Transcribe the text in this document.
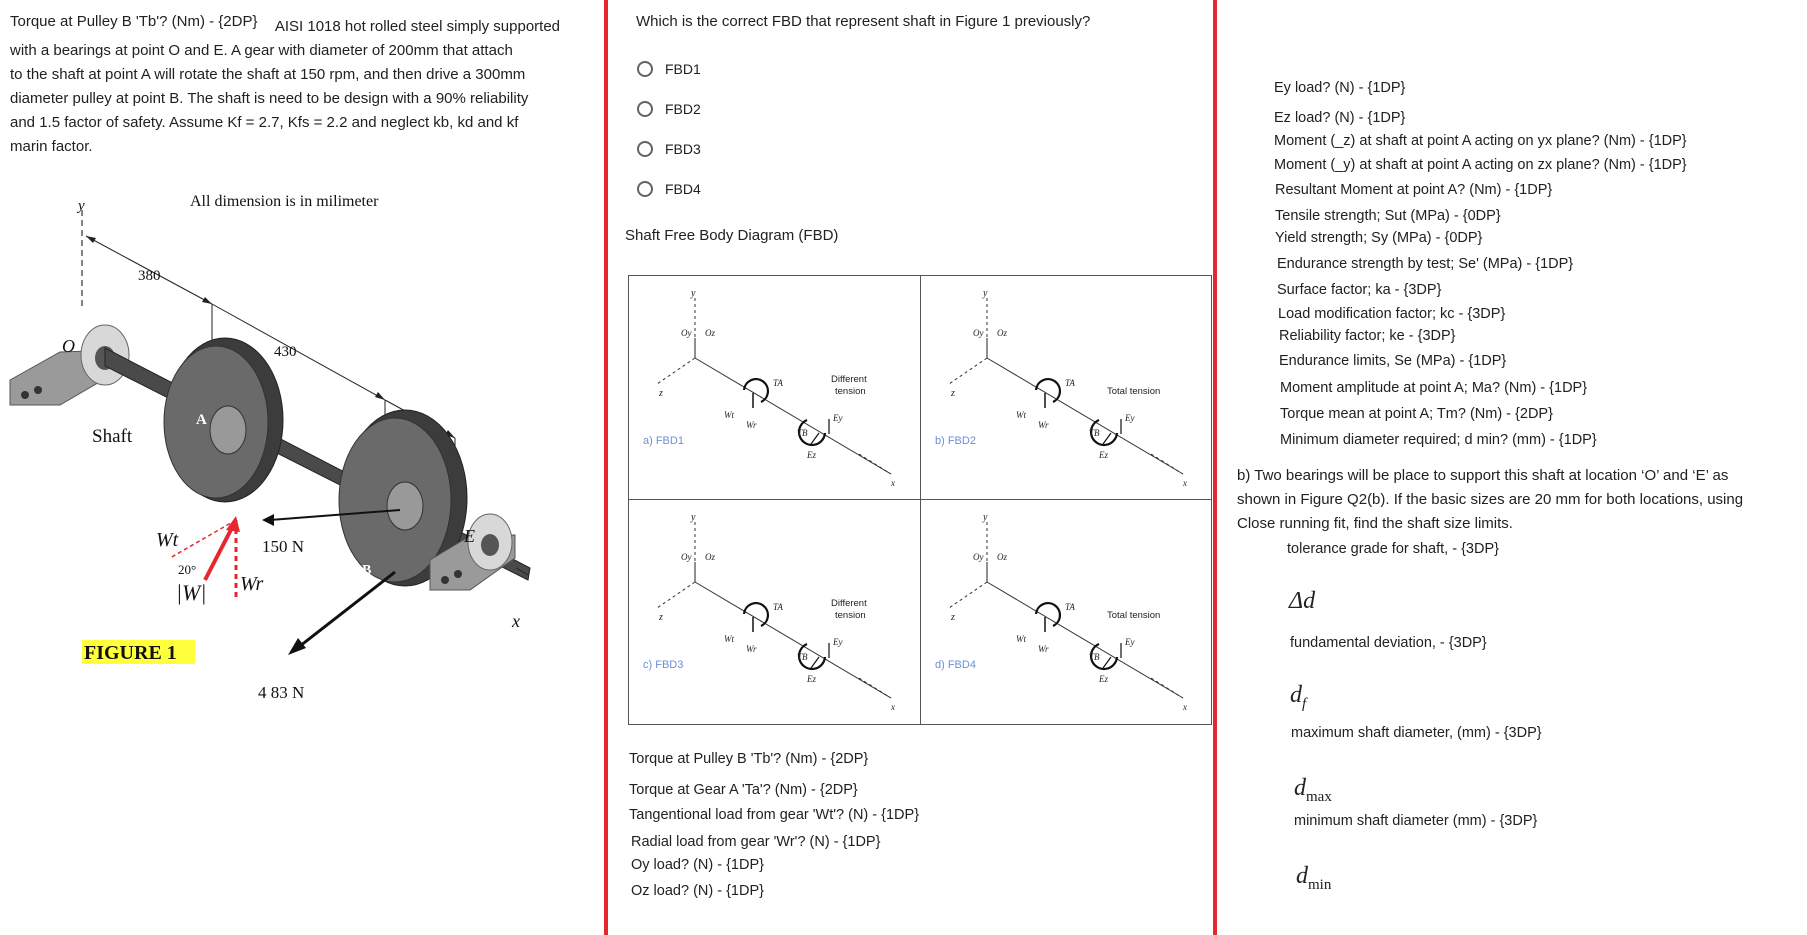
Torque at Pulley B 'Tb'? (Nm) - {2DP} AISI 1018 hot rolled steel simply supported
with a bearings at point O and E. A gear with diameter of 200mm that attach
to the shaft at point A will rotate the shaft at 150 rpm, and then drive a 300mm
diameter pulley at point B. The shaft is need to be design with a 90% reliability
and 1.5 factor of safety. Assume Kf = 2.7, Kfs = 2.2 and neglect kb, kd and kf
marin factor.
All dimension is in milimeter
y
380
430
O
Shaft
A
B
E
x
150 N
4 83 N
Wt
20°
|W| Wr
FIGURE 1
Which is the correct FBD that represent shaft in Figure 1 previously?
FBD1
FBD2
FBD3
FBD4
Shaft Free Body Diagram (FBD)
y
z
Oy Oz
x
TA
Wt
Wr
TB
Ey
Ez
Different
tension
a) FBD1
y
z
Oy Oz
x
TA
Wt
Wr
TB
Ey
Ez
Total tension
b) FBD2
y
z
Oy Oz
x
TA
Wt
Wr
TB
Ey
Ez
Different
tension
c) FBD3
y
z
Oy Oz
x
TA
Wt
Wr
TB
Ey
Ez
Total tension
d) FBD4
Torque at Pulley B 'Tb'? (Nm) - {2DP}
Torque at Gear A 'Ta'? (Nm) - {2DP}
Tangentional load from gear 'Wt'? (N) - {1DP}
Radial load from gear 'Wr'? (N) - {1DP}
Oy load? (N) - {1DP}
Oz load? (N) - {1DP}
Ey load? (N) - {1DP}
Ez load? (N) - {1DP}
Moment (_z) at shaft at point A acting on yx plane? (Nm) - {1DP}
Moment (_y) at shaft at point A acting on zx plane? (Nm) - {1DP}
Resultant Moment at point A? (Nm) - {1DP}
Tensile strength; Sut (MPa) - {0DP}
Yield strength; Sy (MPa) - {0DP}
Endurance strength by test; Se' (MPa) - {1DP}
Surface factor; ka - {3DP}
Load modification factor; kc - {3DP}
Reliability factor; ke - {3DP}
Endurance limits, Se (MPa) - {1DP}
Moment amplitude at point A; Ma? (Nm) - {1DP}
Torque mean at point A; Tm? (Nm) - {2DP}
Minimum diameter required; d min? (mm) - {1DP}
b) Two bearings will be place to support this shaft at location ‘O’ and ‘E’ as
shown in Figure Q2(b). If the basic sizes are 20 mm for both locations, using
Close running fit, find the shaft size limits.
tolerance grade for shaft, - {3DP}
Δd
fundamental deviation, - {3DP}
$d_f$
maximum shaft diameter, (mm) - {3DP}
$d_{max}$
minimum shaft diameter (mm) - {3DP}
$d_{min}$
